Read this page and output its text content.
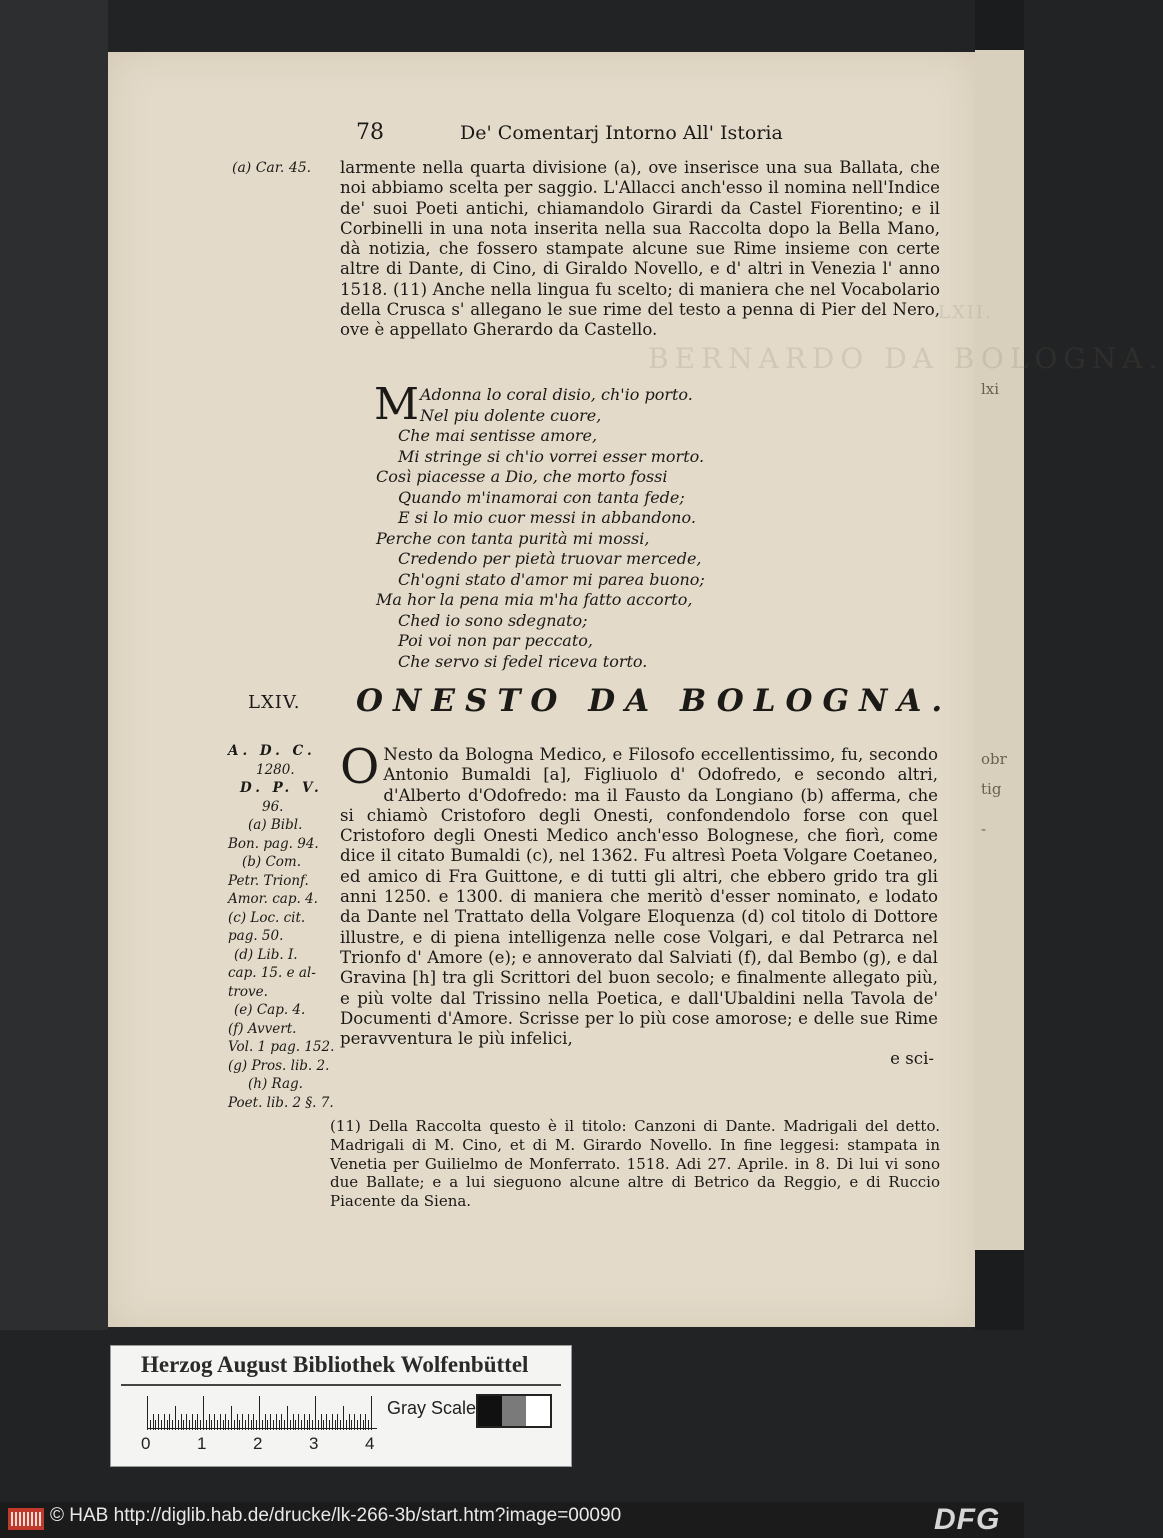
lxi
obr
tig
-
BERNARDO DA BOLOGNA.
LXII.
78	De' Comentarj Intorno All' Istoria
(a) Car. 45. larmente nella quarta divisione (a), ove inserisce una sua Ballata, che noi abbiamo scelta per saggio. L'Allacci anch'esso il nomina nell'Indice de' suoi Poeti antichi, chiamandolo Girardi da Castel Fiorentino; e il Corbinelli in una nota inserita nella sua Raccolta dopo la Bella Mano, dà notizia, che fossero stampate alcune sue Rime insieme con certe altre di Dante, di Cino, di Giraldo Novello, e d' altri in Venezia l' anno 1518. (11) Anche nella lingua fu scelto; di maniera che nel Vocabolario della Crusca s' allegano le sue rime del testo a penna di Pier del Nero, ove è appellato Gherardo da Castello.

M Adonna lo coral disio, ch'io porto.
Nel piu dolente cuore,
Che mai sentisse amore,
Mi stringe si ch'io vorrei esser morto.
Così piacesse a Dio, che morto fossi
Quando m'inamorai con tanta fede;
E si lo mio cuor messi in abbandono.
Perche con tanta purità mi mossi,
Credendo per pietà truovar mercede,
Ch'ogni stato d'amor mi parea buono;
Ma hor la pena mia m'ha fatto accorto,
Ched io sono sdegnato;
Poi voi non par peccato,
Che servo si fedel riceva torto.
LXIV. ONESTO DA BOLOGNA.
A. D. C.
1280.
D. P. V.
96.
(a) Bibl.
Bon. pag. 94.
(b) Com.
Petr. Trionf.
Amor. cap. 4.
(c) Loc. cit.
pag. 50.
(d) Lib. I.
cap. 15. e al-
trove.
(e) Cap. 4.
(f) Avvert.
Vol. 1 pag. 152.
(g) Pros. lib. 2.
(h) Rag.
Poet. lib. 2 §. 7.
O Nesto da Bologna Medico, e Filosofo eccellentissimo, fu, secondo Antonio Bumaldi [a], Figliuolo d' Odofredo, e secondo altri, d'Alberto d'Odofredo: ma il Fausto da Longiano (b) afferma, che si chiamò Cristoforo degli Onesti, confondendolo forse con quel Cristoforo degli Onesti Medico anch'esso Bolognese, che fiorì, come dice il citato Bumaldi (c), nel 1362. Fu altresì Poeta Volgare Coetaneo, ed amico di Fra Guittone, e di tutti gli altri, che ebbero grido tra gli anni 1250. e 1300. di maniera che meritò d'esser nominato, e lodato da Dante nel Trattato della Volgare Eloquenza (d) col titolo di Dottore illustre, e di piena intelligenza nelle cose Volgari, e dal Petrarca nel Trionfo d' Amore (e); e annoverato dal Salviati (f), dal Bembo (g), e dal Gravina [h] tra gli Scrittori del buon secolo; e finalmente allegato più, e più volte dal Trissino nella Poetica, e dall'Ubaldini nella Tavola de' Documenti d'Amore. Scrisse per lo più cose amorose; e delle sue Rime peravventura le più infelici,

e sci-

(11) Della Raccolta questo è il titolo: Canzoni di Dante. Madrigali del detto. Madrigali di M. Cino, et di M. Girardo Novello. In fine leggesi: stampata in Venetia per Guilielmo de Monferrato. 1518. Adi 27. Aprile. in 8. Di lui vi sono due Ballate; e a lui sieguono alcune altre di Betrico da Reggio, e di Ruccio Piacente da Siena.

Herzog August Bibliothek Wolfenbüttel
Gray Scale
0	1	2	3	4
© HAB http://diglib.hab.de/drucke/lk-266-3b/start.htm?image=00090	DFG
